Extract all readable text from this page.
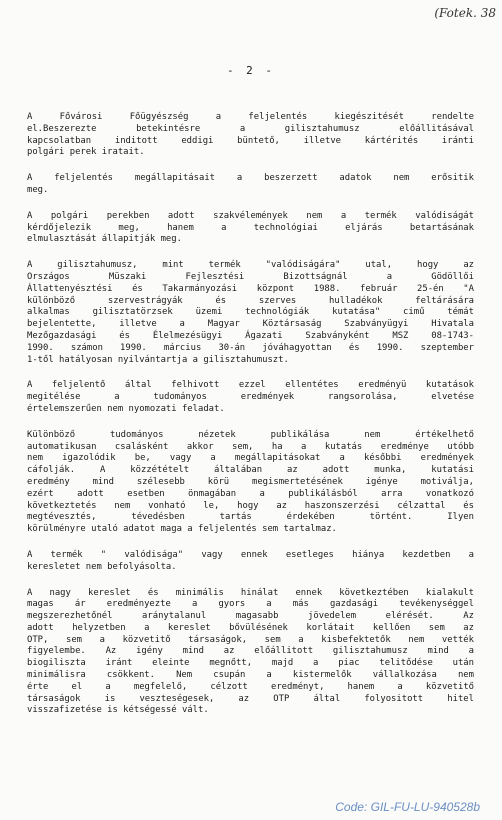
(Fotek. 38
- 2 -
A Fővárosi Főügyészség a feljelentés kiegészitését rendelte
el.Beszerezte betekintésre a gilisztahumusz előállitásával
kapcsolatban inditott eddigi büntető, illetve kártérités iránti
polgári perek iratait.
A feljelentés megállapitásait a beszerzett adatok nem erősitik
meg.
A polgári perekben adott szakvélemények nem a termék valódiságát
kérdőjelezik meg, hanem a technológiai eljárás betartásának
elmulasztását állapitják meg.
A gilisztahumusz, mint termék "valódiságára" utal, hogy az
Országos Müszaki Fejlesztési Bizottságnál a Gödöllői
Állattenyésztési és Takarmányozási központ 1988. február 25-én "A
különböző szervestrágyák és szerves hulladékok feltárására
alkalmas gilisztatörzsek üzemi technológiák kutatása" cimű témát
bejelentette, illetve a Magyar Köztársaság Szabványügyi Hivatala
Mezőgazdasági és Élelmezésügyi Ágazati Szabványként MSZ 08-1743-
1990. számon 1990. március 30-án jóváhagyottan és 1990. szeptember
1-től hatályosan nyilvántartja a gilisztahumuszt.
A feljelentő által felhivott ezzel ellentétes eredményü kutatások
megitélése a tudományos eredmények rangsorolása, elvetése
értelemszerűen nem nyomozati feladat.
Különböző tudományos nézetek publikálása nem értékelhető
automatikusan csalásként akkor sem, ha a kutatás eredménye utóbb
nem igazolódik be, vagy a megállapitásokat a későbbi eredmények
cáfolják. A közzétételt általában az adott munka, kutatási
eredmény mind szélesebb körü megismertetésének igénye motiválja,
ezért adott esetben önmagában a publikálásból arra vonatkozó
következtetés nem vonható le, hogy az haszonszerzési célzattal és
megtévesztés, tévedésben tartás érdekében történt. Ilyen
körülményre utaló adatot maga a feljelentés sem tartalmaz.
A termék " valódisága" vagy ennek esetleges hiánya kezdetben a
keresletet nem befolyásolta.
A nagy kereslet és minimális hinálat ennek következtében kialakult
magas ár eredményezte a gyors a más gazdasági tevékenységgel
megszerezhetőnél aránytalanul magasabb jövedelem elérését. Az
adott helyzetben a kereslet bővülésének korlátait kellően sem az
OTP, sem a közvetitő társaságok, sem a kisbefektetők nem vették
figyelembe. Az igény mind az előállitott gilisztahumusz mind a
biogiliszta iránt eleinte megnőtt, majd a piac telitődése után
minimálisra csökkent. Nem csupán a kistermelők vállalkozása nem
érte el a megfelelő, célzott eredményt, hanem a közvetitő
társaságok is veszteségesek, az OTP által folyositott hitel
visszafizetése is kétségessé vált.
Code: GIL-FU-LU-940528b
